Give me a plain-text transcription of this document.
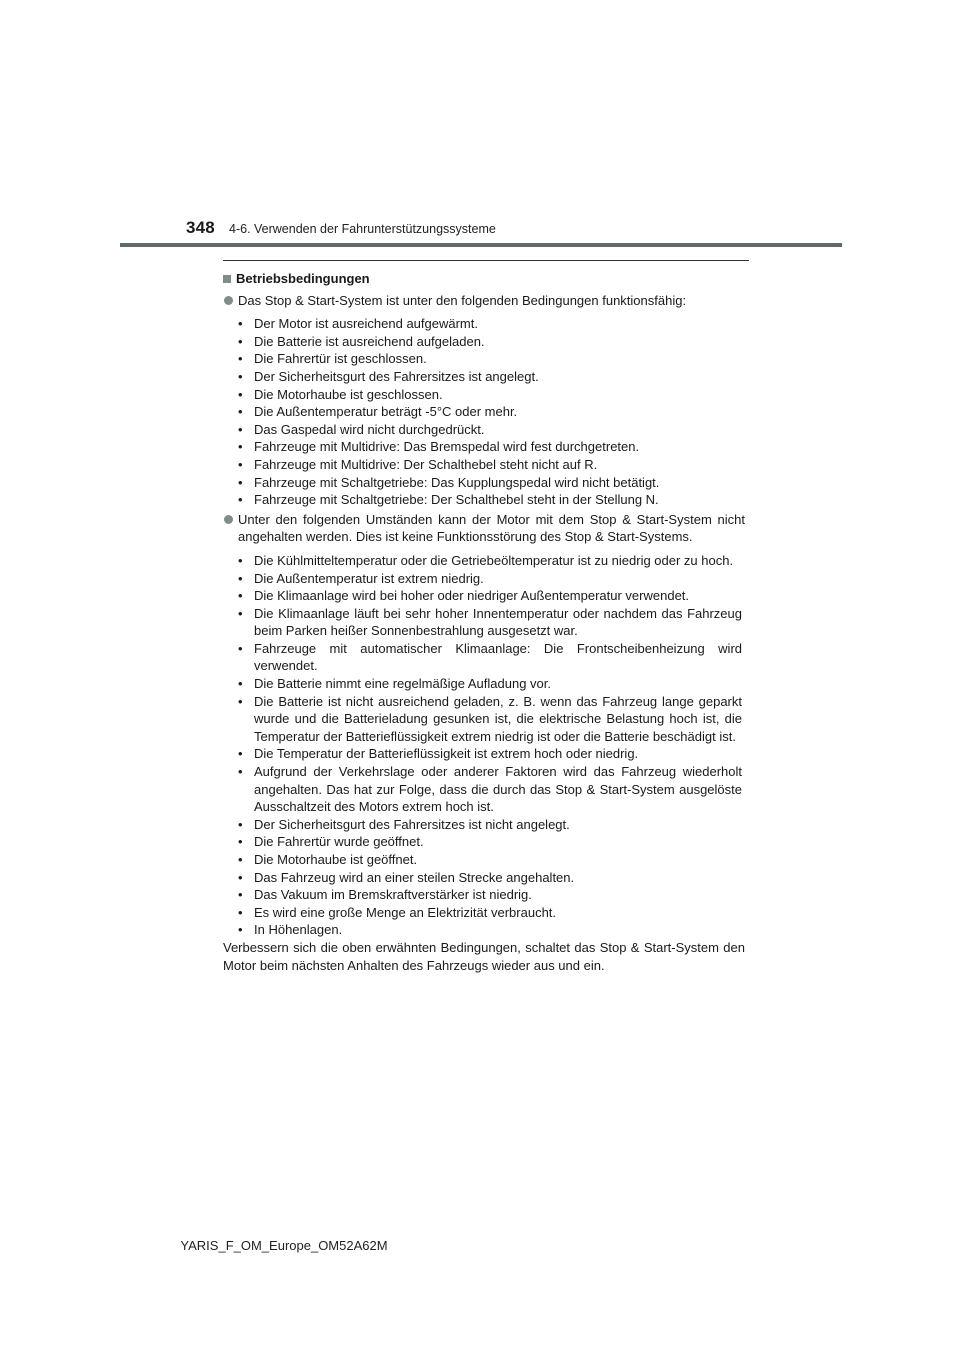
348 4-6. Verwenden der Fahrunterstützungssysteme
Betriebsbedingungen
Das Stop & Start-System ist unter den folgenden Bedingungen funktionsfähig:
• Der Motor ist ausreichend aufgewärmt.
• Die Batterie ist ausreichend aufgeladen.
• Die Fahrertür ist geschlossen.
• Der Sicherheitsgurt des Fahrersitzes ist angelegt.
• Die Motorhaube ist geschlossen.
• Die Außentemperatur beträgt -5°C oder mehr.
• Das Gaspedal wird nicht durchgedrückt.
• Fahrzeuge mit Multidrive: Das Bremspedal wird fest durchgetreten.
• Fahrzeuge mit Multidrive: Der Schalthebel steht nicht auf R.
• Fahrzeuge mit Schaltgetriebe: Das Kupplungspedal wird nicht betätigt.
• Fahrzeuge mit Schaltgetriebe: Der Schalthebel steht in der Stellung N.
Unter den folgenden Umständen kann der Motor mit dem Stop & Start-System nicht angehalten werden. Dies ist keine Funktionsstörung des Stop & Start-Systems.
• Die Kühlmitteltemperatur oder die Getriebeöltemperatur ist zu niedrig oder zu hoch.
• Die Außentemperatur ist extrem niedrig.
• Die Klimaanlage wird bei hoher oder niedriger Außentemperatur verwendet.
• Die Klimaanlage läuft bei sehr hoher Innentemperatur oder nachdem das Fahrzeug beim Parken heißer Sonnenbestrahlung ausgesetzt war.
• Fahrzeuge mit automatischer Klimaanlage: Die Frontscheibenheizung wird verwendet.
• Die Batterie nimmt eine regelmäßige Aufladung vor.
• Die Batterie ist nicht ausreichend geladen, z. B. wenn das Fahrzeug lange geparkt wurde und die Batterieladung gesunken ist, die elektrische Belastung hoch ist, die Temperatur der Batterieflüssigkeit extrem niedrig ist oder die Batterie beschädigt ist.
• Die Temperatur der Batterieflüssigkeit ist extrem hoch oder niedrig.
• Aufgrund der Verkehrslage oder anderer Faktoren wird das Fahrzeug wiederholt angehalten. Das hat zur Folge, dass die durch das Stop & Start-System ausgelöste Ausschaltzeit des Motors extrem hoch ist.
• Der Sicherheitsgurt des Fahrersitzes ist nicht angelegt.
• Die Fahrertür wurde geöffnet.
• Die Motorhaube ist geöffnet.
• Das Fahrzeug wird an einer steilen Strecke angehalten.
• Das Vakuum im Bremskraftverstärker ist niedrig.
• Es wird eine große Menge an Elektrizität verbraucht.
• In Höhenlagen.
Verbessern sich die oben erwähnten Bedingungen, schaltet das Stop & Start-System den Motor beim nächsten Anhalten des Fahrzeugs wieder aus und ein.
YARIS_F_OM_Europe_OM52A62M
